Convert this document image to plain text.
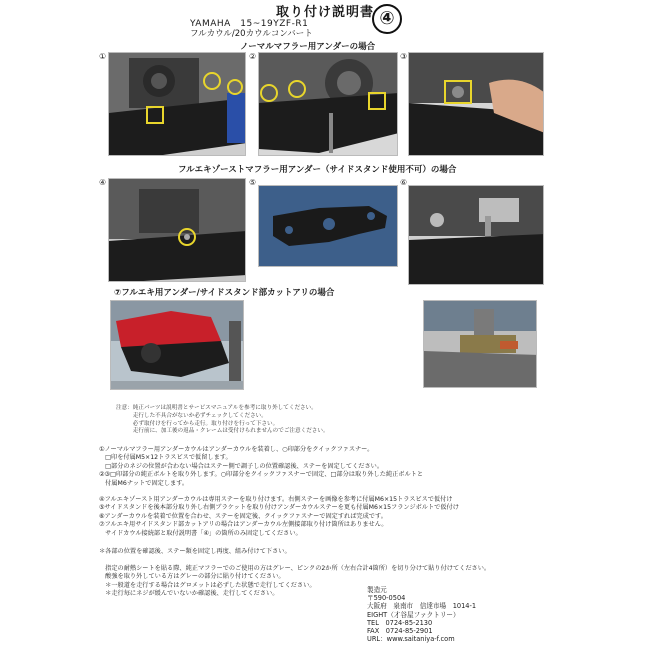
取り付け説明書
YAMAHA　15~19YZF-R1
フルカウル/20カウルコンバート
④
ノーマルマフラー用アンダーの場合
①	②	③
フルエキゾーストマフラー用アンダー（サイドスタンド使用不可）の場合
④	⑤	⑥
⑦フルエキ用アンダー/サイドスタンド部カットアリの場合
注意：純正パーツは説明書とサービスマニュアルを参考に取り外してください。
　　　走行した不具合がないか必ずチェックしてください。
　　　必ず取付けを行ってから走行。取り付けを行って下さい。
　　　走行前に、加工後の返品・クレームは受付けられませんのでご注意ください。
①ノーマルマフラー用アンダーカウルはアンダーカウルを装着し、○印部分をクイックファスナー。
　□印を付属M5×12トラスビスで仮留します。
　□部分のネジの位置が合わない場合はステー側で調子しの位置確認後、ステーを固定してください。
②③□印部分の純正ボルトを取り外します。○印部分をクイックファスナーで固定、□部分は取り外した純正ボルトと
　付属M6ナットで固定します。
④フルエキゾースト用アンダーカウルは専用ステーを取り付けます。右側ステーを画像を参考に付属M6×15トラスビスで仮付け
⑤サイドスタンドを後本部分取り外し右側ブラケットを取り付けアンダーカウルステーを更も付属M6×15フランジボルトで仮付け
⑥アンダーカウルを装着で位置を合わせ、ステーを固定後、クイックファスナーで固定すれば完成です。
⑦フルエキ用サイドスタンド部カットアリの場合はアンダーカウル左側接部取り付け箇所はありません。
　サイドカウル接続部と取付説明書「④」の箇所のみ固定してください。
＊各部の位置を確認後、ステー類を固定し再度、組み付けて下さい。

　指定の耐熱シートを貼る際、純正マフラーでのご使用の方はグレー、ピンクの2か所（左右合計4箇所）を切り分けて貼り付けてください。
　酸強を取り外している方はグレーの部分に貼り付けてください。
　＊一般道を走行する場合はグロメットは必ずした状態で走行してください。
　＊走行毎にネジが緩んでいないか確認後、走行してください。	製造元
〒590-0504
大阪府　泉南市　信達市場　1014-1
EIGHT（才谷屋ファクトリー）
TEL　0724-85-2130
FAX　0724-85-2901
URL：www.saitaniya-f.com
